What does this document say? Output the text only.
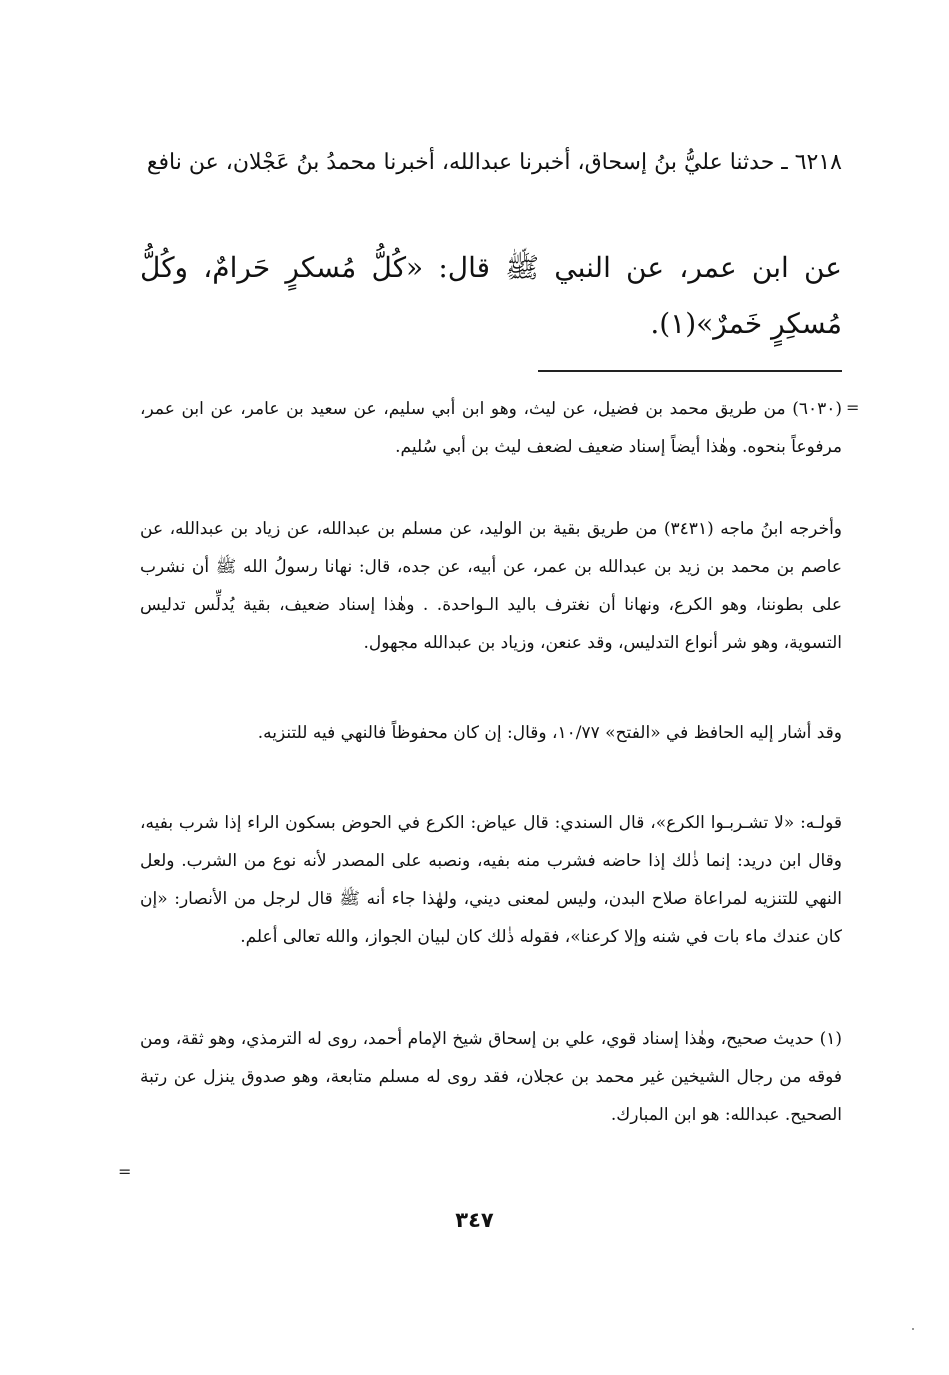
٦٢١٨ ـ حدثنا عليُّ بنُ إسحاق، أخبرنا عبدالله، أخبرنا محمدُ بنُ عَجْلان، عن نافع
عن ابن عمر، عن النبي ﷺ قال: «كُلُّ مُسكرٍ حَرامٌ، وكُلُّ مُسكِرٍ خَمرٌ»(١).
=
(٦٠٣٠) من طريق محمد بن فضيل، عن ليث، وهو ابن أبي سليم، عن سعيد بن عامر، عن ابن عمر، مرفوعاً بنحوه. وهٰذا أيضاً إسناد ضعيف لضعف ليث بن أبي سُليم.
وأخرجه ابنُ ماجه (٣٤٣١) من طريق بقية بن الوليد، عن مسلم بن عبدالله، عن زياد بن عبدالله، عن عاصم بن محمد بن زيد بن عبدالله بن عمر، عن أبيه، عن جده، قال: نهانا رسولُ الله ﷺ أن نشرب على بطوننا، وهو الكرع، ونهانا أن نغترف باليد الـواحدة. . وهٰذا إسناد ضعيف، بقية يُدلِّس تدليس التسوية، وهو شر أنواع التدليس، وقد عنعن، وزياد بن عبدالله مجهول.
وقد أشار إليه الحافظ في «الفتح» ١٠/٧٧، وقال: إن كان محفوظاً فالنهي فيه للتنزيه.
قولـه: «لا تشـربـوا الكرع»، قال السندي: قال عياض: الكرع في الحوض بسكون الراء إذا شرب بفيه، وقال ابن دريد: إنما ذٰلك إذا حاضه فشرب منه بفيه، ونصبه على المصدر لأنه نوع من الشرب. ولعل النهي للتنزيه لمراعاة صلاح البدن، وليس لمعنى ديني، ولهٰذا جاء أنه ﷺ قال لرجل من الأنصار: «إن كان عندك ماء بات في شنه وإلا كرعنا»، فقوله ذٰلك كان لبيان الجواز، والله تعالى أعلم.
(١) حديث صحيح، وهٰذا إسناد قوي، علي بن إسحاق شيخ الإمام أحمد، روى له الترمذي، وهو ثقة، ومن فوقه من رجال الشيخين غير محمد بن عجلان، فقد روى له مسلم متابعة، وهو صدوق ينزل عن رتبة الصحيح. عبدالله: هو ابن المبارك.
=
٣٤٧
